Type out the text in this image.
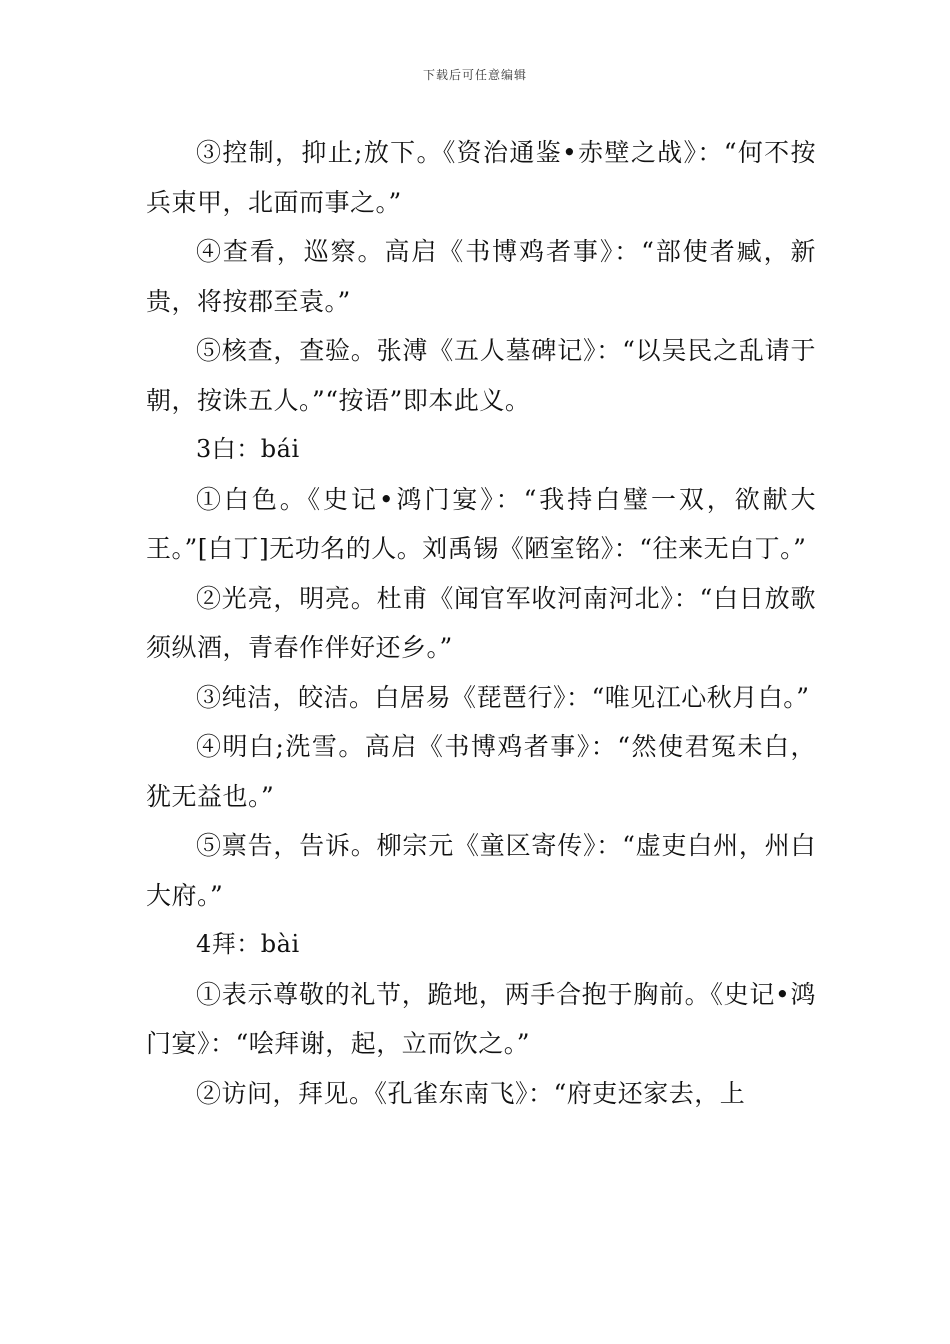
下载后可任意编辑

③控制，抑止;放下。《资治通鉴•赤壁之战》：“何不按兵束甲，北面而事之。”

④查看，巡察。高启《书博鸡者事》：“部使者臧，新贵，将按郡至袁。”

⑤核查，查验。张溥《五人墓碑记》：“以吴民之乱请于朝，按诛五人。”“按语”即本此义。

3白：bái

①白色。《史记•鸿门宴》：“我持白璧一双，欲献大王。”[白丁]无功名的人。刘禹锡《陋室铭》：“往来无白丁。”

②光亮，明亮。杜甫《闻官军收河南河北》：“白日放歌须纵酒，青春作伴好还乡。”

③纯洁，皎洁。白居易《琵琶行》：“唯见江心秋月白。”

④明白;洗雪。高启《书博鸡者事》：“然使君冤未白，犹无益也。”

⑤禀告，告诉。柳宗元《童区寄传》：“虚吏白州，州白大府。”

4拜：bài

①表示尊敬的礼节，跪地，两手合抱于胸前。《史记•鸿门宴》：“哙拜谢，起，立而饮之。”

②访问，拜见。《孔雀东南飞》：“府吏还家去，上
